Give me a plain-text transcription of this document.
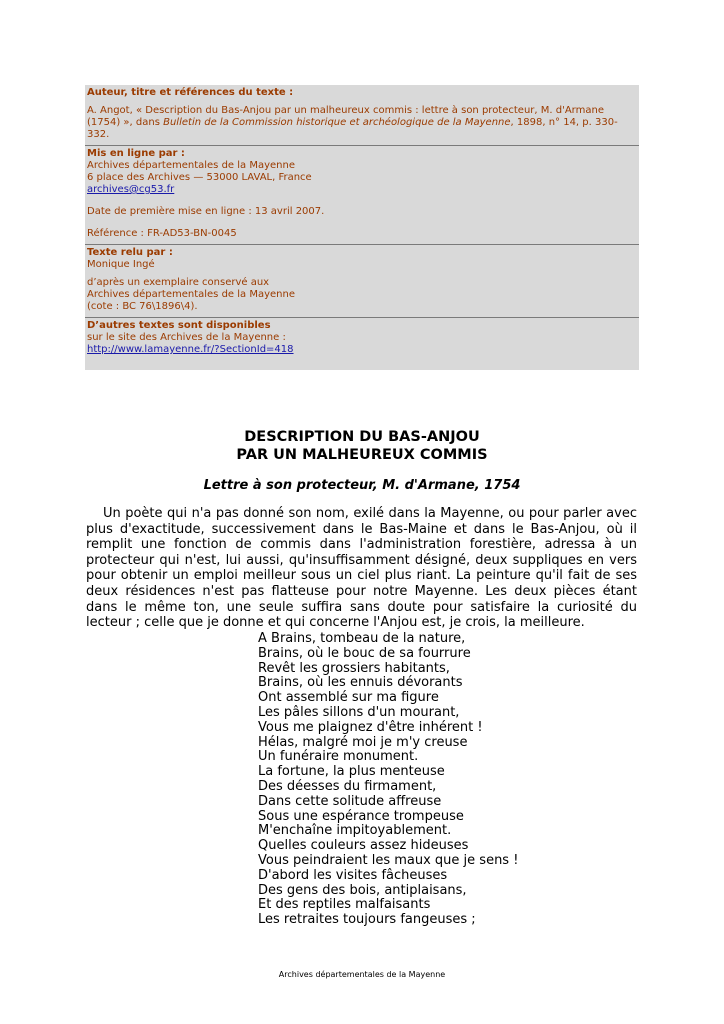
Auteur, titre et références du texte :
A. Angot, « Description du Bas-Anjou par un malheureux commis : lettre à son protecteur, M. d'Armane (1754) », dans Bulletin de la Commission historique et archéologique de la Mayenne, 1898, n° 14, p. 330-332.
Mis en ligne par :
Archives départementales de la Mayenne
6 place des Archives — 53000 LAVAL, France
archives@cg53.fr
Date de première mise en ligne : 13 avril 2007.
Référence : FR-AD53-BN-0045
Texte relu par :
Monique Ingé
d’après un exemplaire conservé aux
Archives départementales de la Mayenne
(cote : BC 76\1896\4).
D’autres textes sont disponibles
sur le site des Archives de la Mayenne :
http://www.lamayenne.fr/?SectionId=418
DESCRIPTION DU BAS-ANJOU
PAR UN MALHEUREUX COMMIS
Lettre à son protecteur, M. d'Armane, 1754

Un poète qui n'a pas donné son nom, exilé dans la Mayenne, ou pour parler avec plus d'exactitude, successivement dans le Bas-Maine et dans le Bas-Anjou, où il remplit une fonction de commis dans l'administration forestière, adressa à un protecteur qui n'est, lui aussi, qu'insuffisamment désigné, deux suppliques en vers pour obtenir un emploi meilleur sous un ciel plus riant. La peinture qu'il fait de ses deux résidences n'est pas flatteuse pour notre Mayenne. Les deux pièces étant dans le même ton, une seule suffira sans doute pour satisfaire la curiosité du lecteur ; celle que je donne et qui concerne l'Anjou est, je crois, la meilleure.

A Brains, tombeau de la nature,
Brains, où le bouc de sa fourrure
Revêt les grossiers habitants,
Brains, où les ennuis dévorants
Ont assemblé sur ma figure
Les pâles sillons d'un mourant,
Vous me plaignez d'être inhérent !
Hélas, malgré moi je m'y creuse
Un funéraire monument.
La fortune, la plus menteuse
Des déesses du firmament,
Dans cette solitude affreuse
Sous une espérance trompeuse
M'enchaîne impitoyablement.
Quelles couleurs assez hideuses
Vous peindraient les maux que je sens !
D'abord les visites fâcheuses
Des gens des bois, antiplaisans,
Et des reptiles malfaisants
Les retraites toujours fangeuses ;
Archives départementales de la Mayenne
